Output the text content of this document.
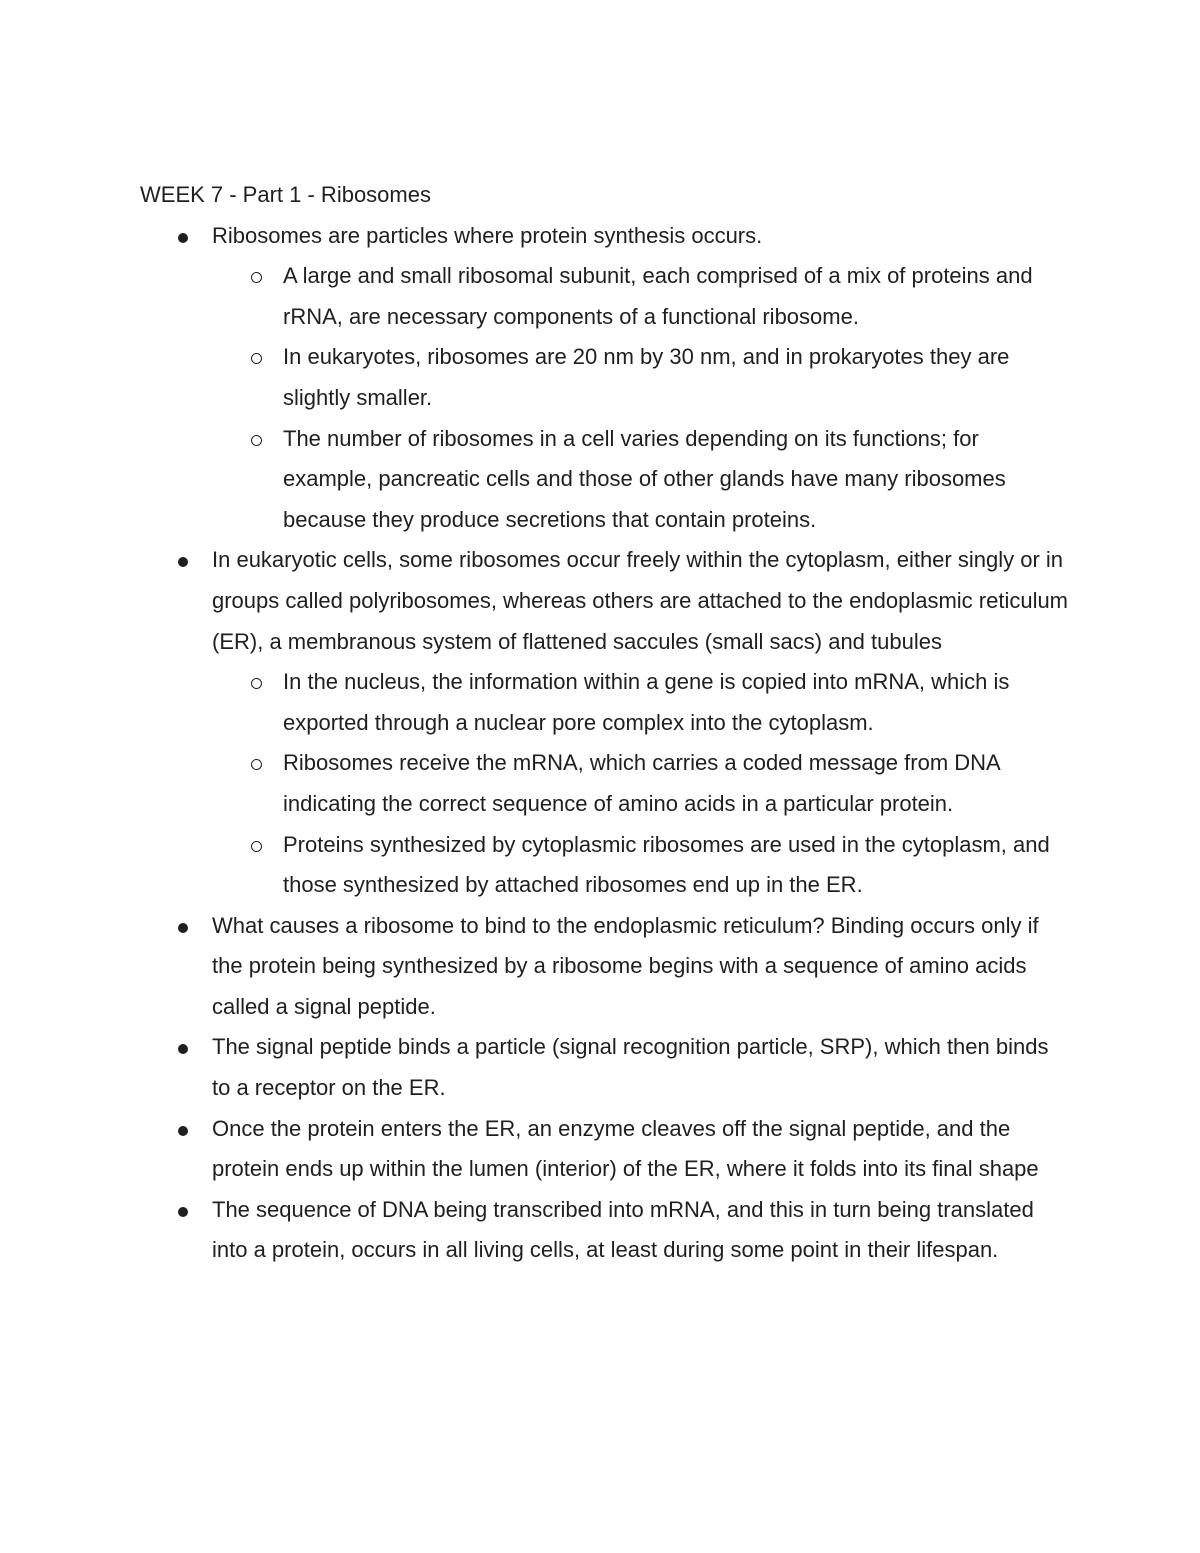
WEEK 7 - Part 1 - Ribosomes
Ribosomes are particles where protein synthesis occurs.
A large and small ribosomal subunit, each comprised of a mix of proteins and rRNA, are necessary components of a functional ribosome.
In eukaryotes, ribosomes are 20 nm by 30 nm, and in prokaryotes they are slightly smaller.
The number of ribosomes in a cell varies depending on its functions; for example, pancreatic cells and those of other glands have many ribosomes because they produce secretions that contain proteins.
In eukaryotic cells, some ribosomes occur freely within the cytoplasm, either singly or in groups called polyribosomes, whereas others are attached to the endoplasmic reticulum (ER), a membranous system of flattened saccules (small sacs) and tubules
In the nucleus, the information within a gene is copied into mRNA, which is exported through a nuclear pore complex into the cytoplasm.
Ribosomes receive the mRNA, which carries a coded message from DNA indicating the correct sequence of amino acids in a particular protein.
Proteins synthesized by cytoplasmic ribosomes are used in the cytoplasm, and those synthesized by attached ribosomes end up in the ER.
What causes a ribosome to bind to the endoplasmic reticulum? Binding occurs only if the protein being synthesized by a ribosome begins with a sequence of amino acids called a signal peptide.
The signal peptide binds a particle (signal recognition particle, SRP), which then binds to a receptor on the ER.
Once the protein enters the ER, an enzyme cleaves off the signal peptide, and the protein ends up within the lumen (interior) of the ER, where it folds into its final shape
The sequence of DNA being transcribed into mRNA, and this in turn being translated into a protein, occurs in all living cells, at least during some point in their lifespan.
